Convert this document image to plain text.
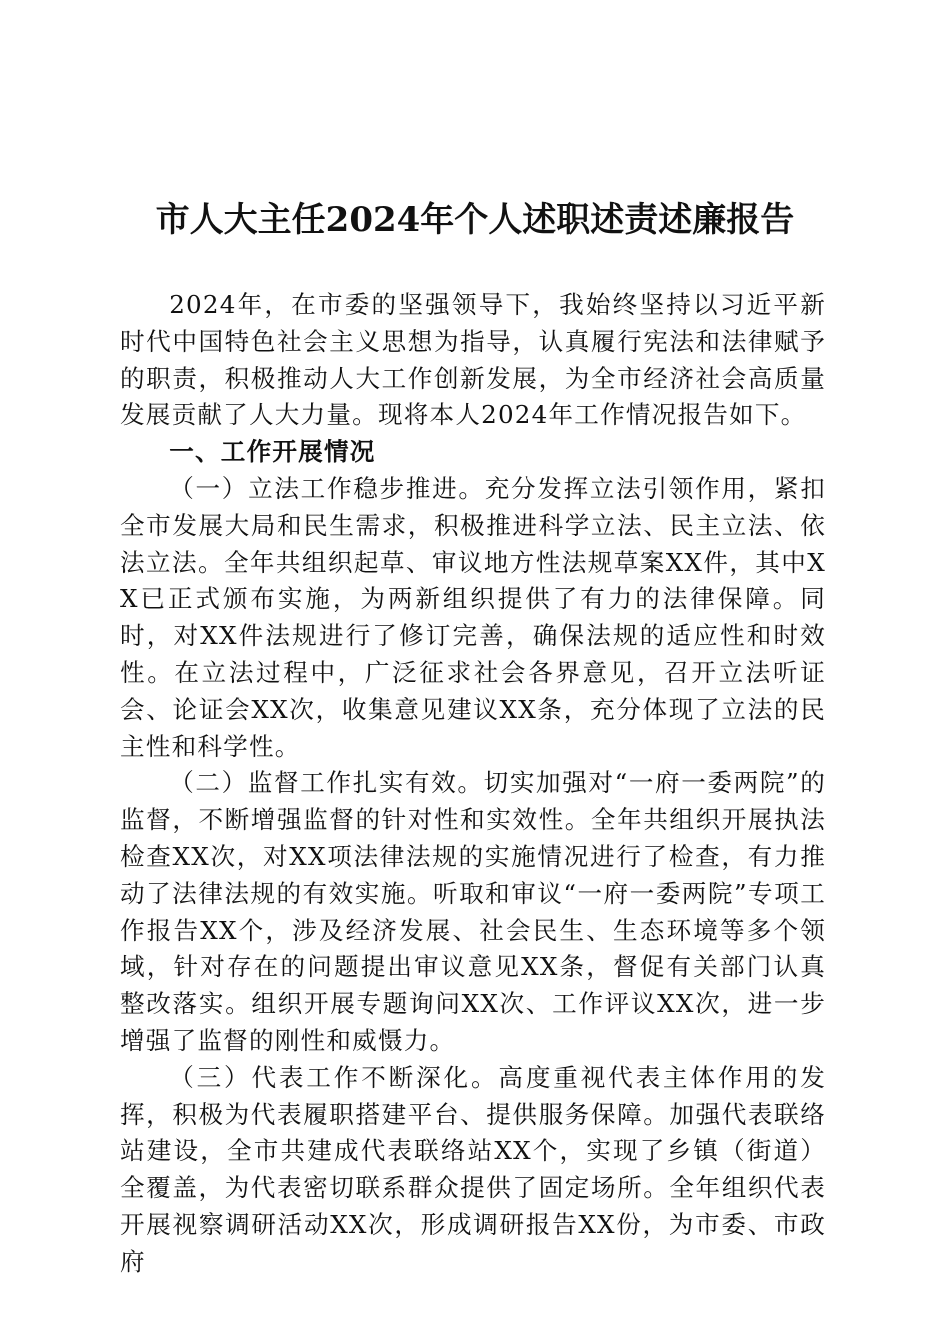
市人大主任2024年个人述职述责述廉报告

2024年，在市委的坚强领导下，我始终坚持以习近平新时代中国特色社会主义思想为指导，认真履行宪法和法律赋予的职责，积极推动人大工作创新发展，为全市经济社会高质量发展贡献了人大力量。现将本人2024年工作情况报告如下。

一、工作开展情况

（一）立法工作稳步推进。充分发挥立法引领作用，紧扣全市发展大局和民生需求，积极推进科学立法、民主立法、依法立法。全年共组织起草、审议地方性法规草案XX件，其中XX已正式颁布实施，为两新组织提供了有力的法律保障。同时，对XX件法规进行了修订完善，确保法规的适应性和时效性。在立法过程中，广泛征求社会各界意见，召开立法听证会、论证会XX次，收集意见建议XX条，充分体现了立法的民主性和科学性。

（二）监督工作扎实有效。切实加强对“一府一委两院”的监督，不断增强监督的针对性和实效性。全年共组织开展执法检查XX次，对XX项法律法规的实施情况进行了检查，有力推动了法律法规的有效实施。听取和审议“一府一委两院”专项工作报告XX个，涉及经济发展、社会民生、生态环境等多个领域，针对存在的问题提出审议意见XX条，督促有关部门认真整改落实。组织开展专题询问XX次、工作评议XX次，进一步增强了监督的刚性和威慑力。

（三）代表工作不断深化。高度重视代表主体作用的发挥，积极为代表履职搭建平台、提供服务保障。加强代表联络站建设，全市共建成代表联络站XX个，实现了乡镇（街道）全覆盖，为代表密切联系群众提供了固定场所。全年组织代表开展视察调研活动XX次，形成调研报告XX份，为市委、市政府
